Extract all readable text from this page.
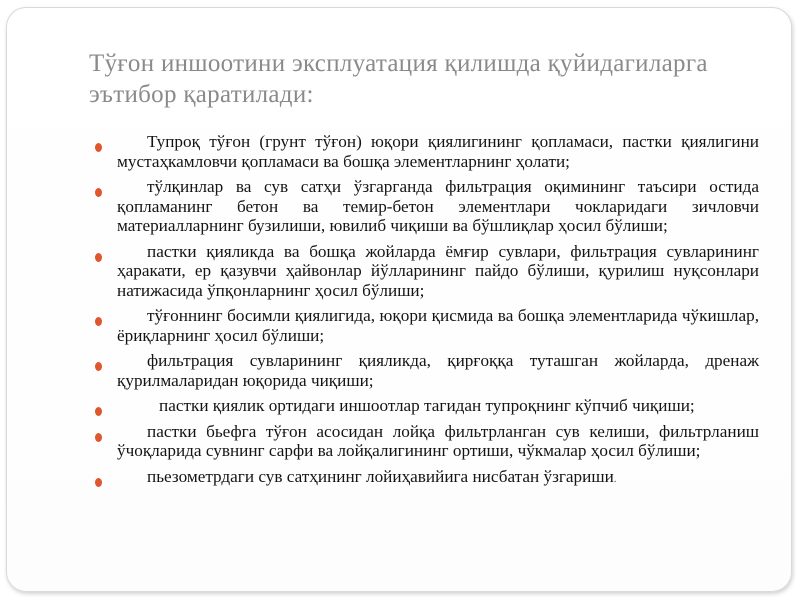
Тўғон иншоотини эксплуатация қилишда қуйидагиларга эътибор қаратилади:
Тупроқ тўғон (грунт тўғон) юқори қиялигининг қопламаси, пастки қиялигини мустаҳкамловчи қопламаси ва бошқа элементларнинг ҳолати;
тўлқинлар ва сув сатҳи ўзгарганда фильтрация оқимининг таъсири остида қопламанинг бетон ва темир-бетон элементлари чокларидаги зичловчи материалларнинг бузилиши, ювилиб чиқиши ва бўшлиқлар ҳосил бўлиши;
пастки қияликда ва бошқа жойларда ёмғир сувлари, фильтрация сувларининг ҳаракати, ер қазувчи ҳайвонлар йўлларининг пайдо бўлиши, қурилиш нуқсонлари натижасида ўпқонларнинг ҳосил бўлиши;
тўғоннинг босимли қиялигида, юқори қисмида ва бошқа элементларида чўкишлар, ёриқларнинг ҳосил бўлиши;
фильтрация сувларининг қияликда, қирғоққа туташган жойларда, дренаж қурилмаларидан юқорида чиқиши;
пастки қиялик ортидаги иншоотлар тагидан тупроқнинг кўпчиб чиқиши;
пастки бьефга тўғон асосидан лойқа фильтрланган сув келиши, фильтрланиш ўчоқларида сувнинг сарфи ва лойқалигининг ортиши, чўкмалар ҳосил бўлиши;
пьезометрдаги сув сатҳининг лойиҳавийига нисбатан ўзгариши.
